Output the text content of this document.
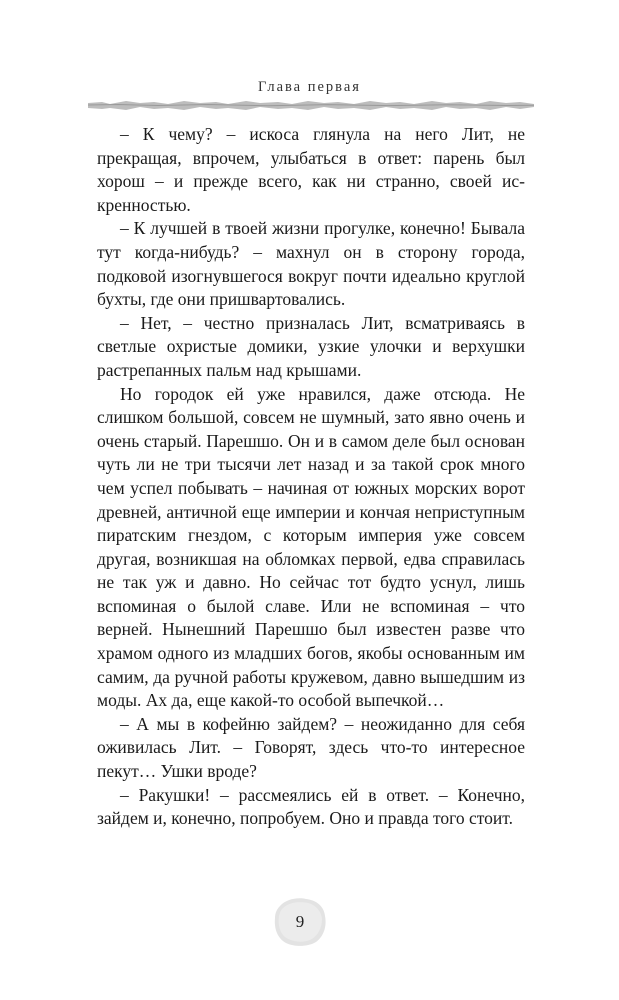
Глава первая

– К чему? – искоса глянула на него Лит, не прекращая, впрочем, улыбаться в ответ: парень был хорош – и прежде всего, как ни странно, своей искренностью.

– К лучшей в твоей жизни прогулке, конечно! Бывала тут когда-нибудь? – махнул он в сторону города, подковой изогнувшегося вокруг почти идеально круглой бухты, где они пришвартовались.

– Нет, – честно призналась Лит, всматриваясь в светлые охристые домики, узкие улочки и верхушки растрепанных пальм над крышами.

Но городок ей уже нравился, даже отсюда. Не слишком большой, совсем не шумный, зато явно очень и очень старый. Парешшо. Он и в самом деле был основан чуть ли не три тысячи лет назад и за такой срок много чем успел побывать – начиная от южных морских ворот древней, античной еще империи и кончая неприступным пиратским гнездом, с которым империя уже совсем другая, возникшая на обломках первой, едва справилась не так уж и давно. Но сейчас тот будто уснул, лишь вспоминая о былой славе. Или не вспоминая – что верней. Нынешний Парешшо был известен разве что храмом одного из младших богов, якобы основанным им самим, да ручной работы кружевом, давно вышедшим из моды. Ах да, еще какой-то особой выпечкой…

– А мы в кофейню зайдем? – неожиданно для себя оживилась Лит. – Говорят, здесь что-то интересное пекут… Ушки вроде?

– Ракушки! – рассмеялись ей в ответ. – Конечно, зайдем и, конечно, попробуем. Оно и правда того стоит.

9
